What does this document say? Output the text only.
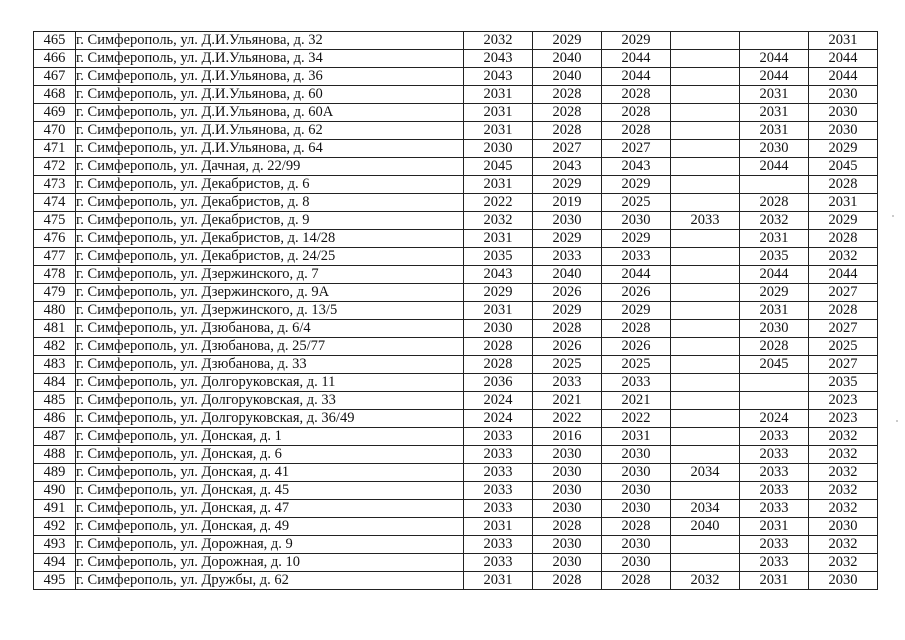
465	г. Симферополь, ул. Д.И.Ульянова, д. 32	2032	2029	2029			2031
466	г. Симферополь, ул. Д.И.Ульянова, д. 34	2043	2040	2044		2044	2044
467	г. Симферополь, ул. Д.И.Ульянова, д. 36	2043	2040	2044		2044	2044
468	г. Симферополь, ул. Д.И.Ульянова, д. 60	2031	2028	2028		2031	2030
469	г. Симферополь, ул. Д.И.Ульянова, д. 60А	2031	2028	2028		2031	2030
470	г. Симферополь, ул. Д.И.Ульянова, д. 62	2031	2028	2028		2031	2030
471	г. Симферополь, ул. Д.И.Ульянова, д. 64	2030	2027	2027		2030	2029
472	г. Симферополь, ул. Дачная, д. 22/99	2045	2043	2043		2044	2045
473	г. Симферополь, ул. Декабристов, д. 6	2031	2029	2029			2028
474	г. Симферополь, ул. Декабристов, д. 8	2022	2019	2025		2028	2031
475	г. Симферополь, ул. Декабристов, д. 9	2032	2030	2030	2033	2032	2029
476	г. Симферополь, ул. Декабристов, д. 14/28	2031	2029	2029		2031	2028
477	г. Симферополь, ул. Декабристов, д. 24/25	2035	2033	2033		2035	2032
478	г. Симферополь, ул. Дзержинского, д. 7	2043	2040	2044		2044	2044
479	г. Симферополь, ул. Дзержинского, д. 9А	2029	2026	2026		2029	2027
480	г. Симферополь, ул. Дзержинского, д. 13/5	2031	2029	2029		2031	2028
481	г. Симферополь, ул. Дзюбанова, д. 6/4	2030	2028	2028		2030	2027
482	г. Симферополь, ул. Дзюбанова, д. 25/77	2028	2026	2026		2028	2025
483	г. Симферополь, ул. Дзюбанова, д. 33	2028	2025	2025		2045	2027
484	г. Симферополь, ул. Долгоруковская, д. 11	2036	2033	2033			2035
485	г. Симферополь, ул. Долгоруковская, д. 33	2024	2021	2021			2023
486	г. Симферополь, ул. Долгоруковская, д. 36/49	2024	2022	2022		2024	2023
487	г. Симферополь, ул. Донская, д. 1	2033	2016	2031		2033	2032
488	г. Симферополь, ул. Донская, д. 6	2033	2030	2030		2033	2032
489	г. Симферополь, ул. Донская, д. 41	2033	2030	2030	2034	2033	2032
490	г. Симферополь, ул. Донская, д. 45	2033	2030	2030		2033	2032
491	г. Симферополь, ул. Донская, д. 47	2033	2030	2030	2034	2033	2032
492	г. Симферополь, ул. Донская, д. 49	2031	2028	2028	2040	2031	2030
493	г. Симферополь, ул. Дорожная, д. 9	2033	2030	2030		2033	2032
494	г. Симферополь, ул. Дорожная, д. 10	2033	2030	2030		2033	2032
495	г. Симферополь, ул. Дружбы, д. 62	2031	2028	2028	2032	2031	2030
